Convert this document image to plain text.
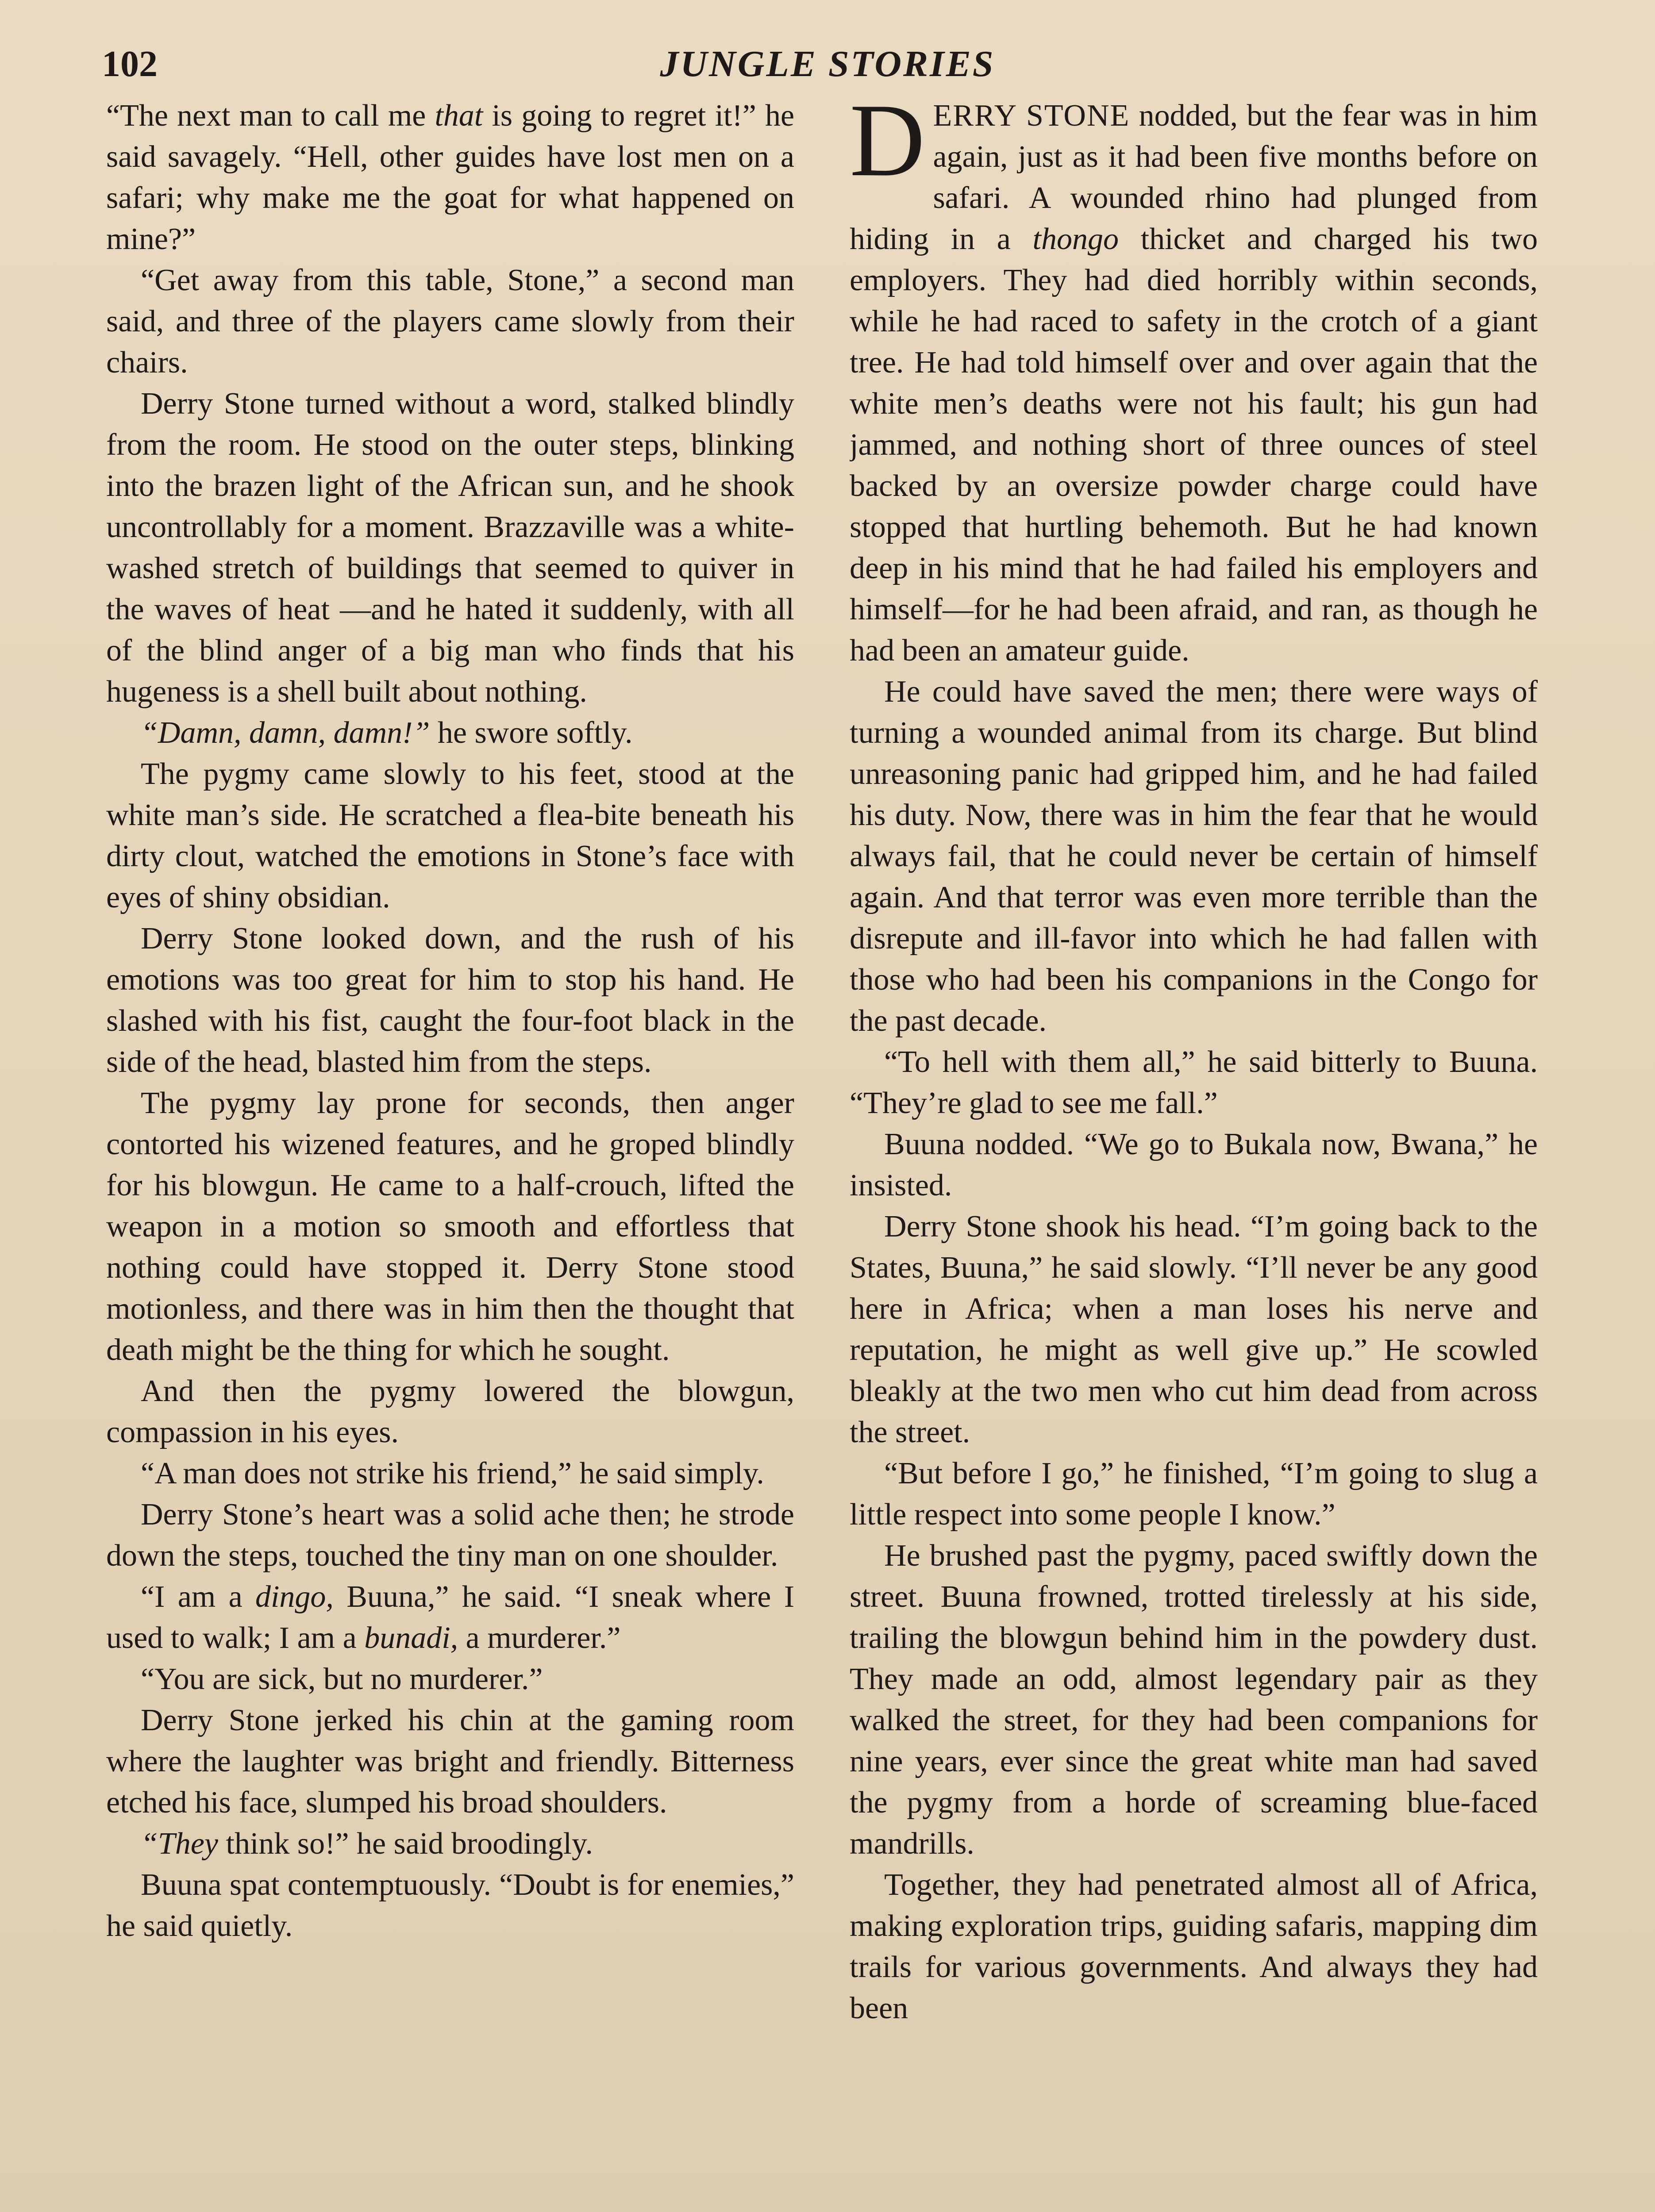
102	JUNGLE STORIES

“The next man to call me that is going to regret it!” he said savagely. “Hell, other guides have lost men on a safari; why make me the goat for what happened on mine?”

“Get away from this table, Stone,” a second man said, and three of the players came slowly from their chairs.

Derry Stone turned without a word, stalked blindly from the room. He stood on the outer steps, blinking into the brazen light of the African sun, and he shook uncontrollably for a moment. Brazzaville was a white-washed stretch of buildings that seemed to quiver in the waves of heat —and he hated it suddenly, with all of the blind anger of a big man who finds that his hugeness is a shell built about nothing.

“Damn, damn, damn!” he swore softly.

The pygmy came slowly to his feet, stood at the white man’s side. He scratched a flea-bite beneath his dirty clout, watched the emotions in Stone’s face with eyes of shiny obsidian.

Derry Stone looked down, and the rush of his emotions was too great for him to stop his hand. He slashed with his fist, caught the four-foot black in the side of the head, blasted him from the steps.

The pygmy lay prone for seconds, then anger contorted his wizened features, and he groped blindly for his blowgun. He came to a half-crouch, lifted the weapon in a motion so smooth and effortless that nothing could have stopped it. Derry Stone stood motionless, and there was in him then the thought that death might be the thing for which he sought.

And then the pygmy lowered the blowgun, compassion in his eyes.

“A man does not strike his friend,” he said simply.

Derry Stone’s heart was a solid ache then; he strode down the steps, touched the tiny man on one shoulder.

“I am a dingo, Buuna,” he said. “I sneak where I used to walk; I am a bunadi, a murderer.”

“You are sick, but no murderer.”

Derry Stone jerked his chin at the gaming room where the laughter was bright and friendly. Bitterness etched his face, slumped his broad shoulders.

“They think so!” he said broodingly.

Buuna spat contemptuously. “Doubt is for enemies,” he said quietly.

DERRY STONE nodded, but the fear was in him again, just as it had been five months before on safari. A wounded rhino had plunged from hiding in a thongo thicket and charged his two employers. They had died horribly within seconds, while he had raced to safety in the crotch of a giant tree. He had told himself over and over again that the white men’s deaths were not his fault; his gun had jammed, and nothing short of three ounces of steel backed by an oversize powder charge could have stopped that hurtling behemoth. But he had known deep in his mind that he had failed his employers and himself—for he had been afraid, and ran, as though he had been an amateur guide.

He could have saved the men; there were ways of turning a wounded animal from its charge. But blind unreasoning panic had gripped him, and he had failed his duty. Now, there was in him the fear that he would always fail, that he could never be certain of himself again. And that terror was even more terrible than the disrepute and ill-favor into which he had fallen with those who had been his companions in the Congo for the past decade.

“To hell with them all,” he said bitterly to Buuna. “They’re glad to see me fall.”

Buuna nodded. “We go to Bukala now, Bwana,” he insisted.

Derry Stone shook his head. “I’m going back to the States, Buuna,” he said slowly. “I’ll never be any good here in Africa; when a man loses his nerve and reputation, he might as well give up.” He scowled bleakly at the two men who cut him dead from across the street.

“But before I go,” he finished, “I’m going to slug a little respect into some people I know.”

He brushed past the pygmy, paced swiftly down the street. Buuna frowned, trotted tirelessly at his side, trailing the blowgun behind him in the powdery dust. They made an odd, almost legendary pair as they walked the street, for they had been companions for nine years, ever since the great white man had saved the pygmy from a horde of screaming blue-faced mandrills.

Together, they had penetrated almost all of Africa, making exploration trips, guiding safaris, mapping dim trails for various governments. And always they had been
